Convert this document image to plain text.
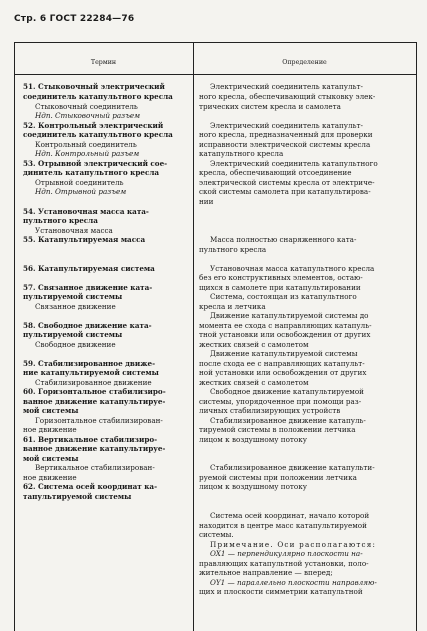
Стр. 6 ГОСТ 22284—76
Термин	Определение
51. Стыковочный электрический
соединитель катапультного кресла
Стыковочный соединитель
Ндп. Стыковочный разъем
52. Контрольный электрический
соединитель катапультного кресла
Контрольный соединитель
Ндп. Контрольный разъем
53. Отрывной электрический сое-
динитель катапультного кресла
Отрывной соединитель
Ндп. Отрывной разъем
54. Установочная масса ката-
пультного кресла
Установочная масса
55. Катапультируемая масса
56. Катапультируемая система
57. Связанное движение ката-
пультируемой системы
Связанное движение
58. Свободное движение ката-
пультируемой системы
Свободное движение
59. Стабилизированное движе-
ние катапультируемой системы
Стабилизированное движение
60. Горизонтальное стабилизиро-
ванное движение катапультируе-
мой системы
Горизонтальное стабилизирован-
ное движение
61. Вертикальное стабилизиро-
ванное движение катапультируе-
мой системы
Вертикальное стабилизирован-
ное движение
62. Система осей координат ка-
тапультируемой системы
Электрический соединитель катапульт-
ного кресла, обеспечивающий стыковку элек-
трических систем кресла и самолета
Электрический соединитель катапульт-
ного кресла, предназначенный для проверки
исправности электрической системы кресла
катапультного кресла
Электрический соединитель катапультного
кресла, обеспечивающий отсоединение
электрической системы кресла от электриче-
ской системы самолета при катапультирова-
нии
Масса полностью снаряженного ката-
пультного кресла
Установочная масса катапультного кресла
без его конструктивных элементов, остаю-
щихся в самолете при катапультировании
Система, состоящая из катапультного
кресла и летчика
Движение катапультируемой системы до
момента ее схода с направляющих катапуль-
тной установки или освобождения от других
жестких связей с самолетом
Движение катапультируемой системы
после схода ее с направляющих катапульт-
ной установки или освобождения от других
жестких связей с самолетом
Свободное движение катапультируемой
системы, упорядоченное при помощи раз-
личных стабилизирующих устройств
Стабилизированное движение катапуль-
тируемой системы в положении летчика
лицом к воздушному потоку
Стабилизированное движение катапульти-
руемой системы при положении летчика
лицом к воздушному потоку
Система осей координат, начало которой
находится в центре масс катапультируемой
системы.
Примечание. Оси располагаются:
OX1 — перпендикулярно плоскости на-
правляющих катапультной установки, поло-
жительное направление — вперед;
OY1 — параллельно плоскости направляю-
щих и плоскости симметрии катапультной
